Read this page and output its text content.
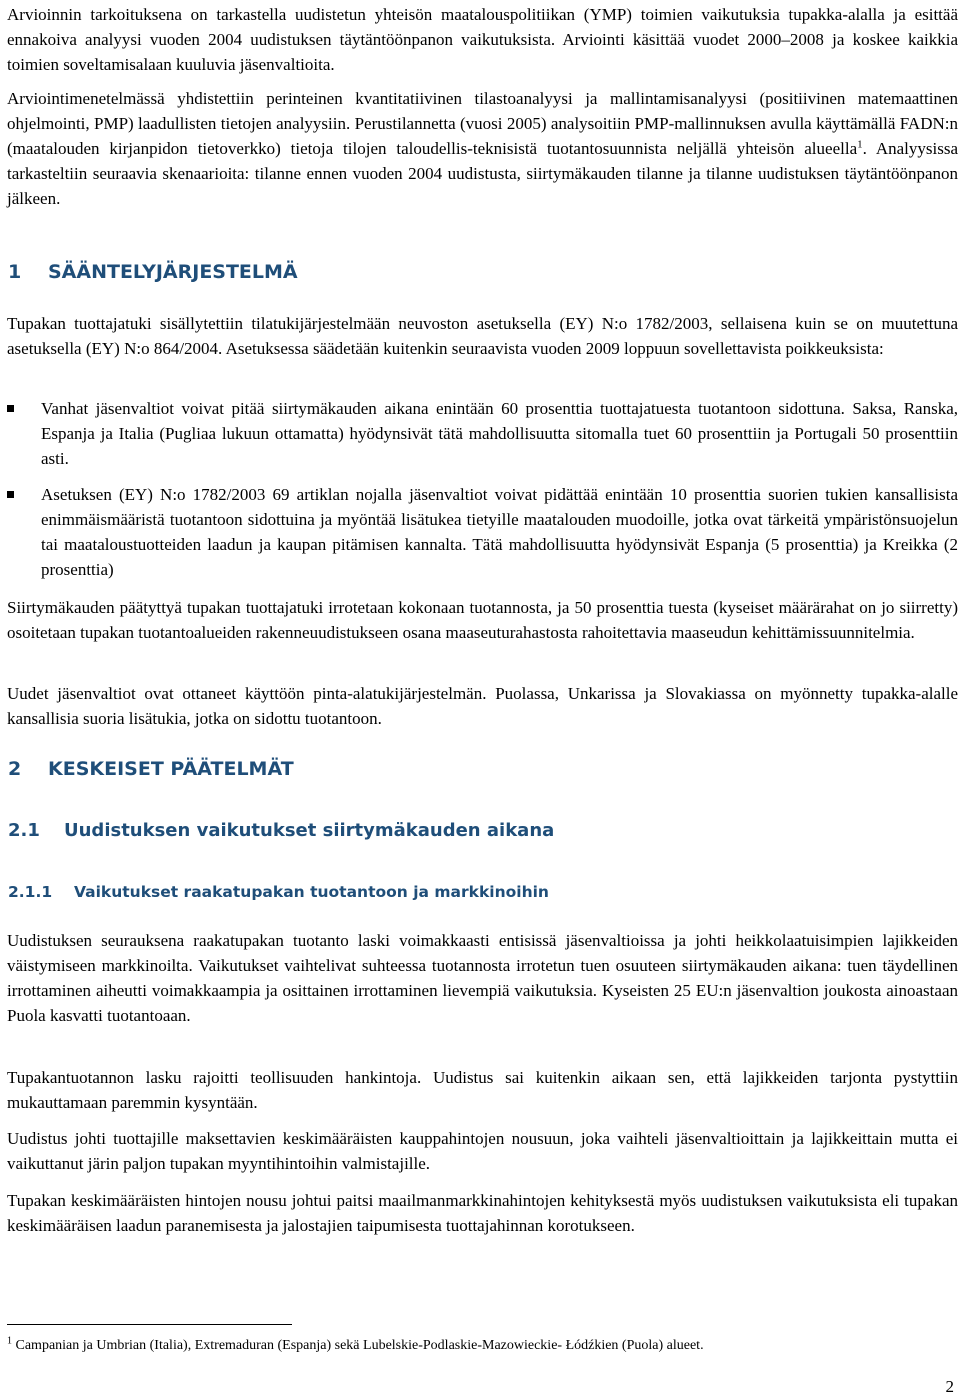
Arvioinnin tarkoituksena on tarkastella uudistetun yhteisön maatalouspolitiikan (YMP) toimien vaikutuksia tupakka-alalla ja esittää ennakoiva analyysi vuoden 2004 uudistuksen täytäntöönpanon vaikutuksista. Arviointi käsittää vuodet 2000–2008 ja koskee kaikkia toimien soveltamisalaan kuuluvia jäsenvaltioita.

Arviointimenetelmässä yhdistettiin perinteinen kvantitatiivinen tilastoanalyysi ja mallintamisanalyysi (positiivinen matemaattinen ohjelmointi, PMP) laadullisten tietojen analyysiin. Perustilannetta (vuosi 2005) analysoitiin PMP-mallinnuksen avulla käyttämällä FADN:n (maatalouden kirjanpidon tietoverkko) tietoja tilojen taloudellis-teknisistä tuotantosuunnista neljällä yhteisön alueella$^1$. Analyysissa tarkasteltiin seuraavia skenaarioita: tilanne ennen vuoden 2004 uudistusta, siirtymäkauden tilanne ja tilanne uudistuksen täytäntöönpanon jälkeen.

1 SÄÄNTELYJÄRJESTELMÄ

Tupakan tuottajatuki sisällytettiin tilatukijärjestelmään neuvoston asetuksella (EY) N:o 1782/2003, sellaisena kuin se on muutettuna asetuksella (EY) N:o 864/2004. Asetuksessa säädetään kuitenkin seuraavista vuoden 2009 loppuun sovellettavista poikkeuksista:

Vanhat jäsenvaltiot voivat pitää siirtymäkauden aikana enintään 60 prosenttia tuottajatuesta tuotantoon sidottuna. Saksa, Ranska, Espanja ja Italia (Pugliaa lukuun ottamatta) hyödynsivät tätä mahdollisuutta sitomalla tuet 60 prosenttiin ja Portugali 50 prosenttiin asti.
Asetuksen (EY) N:o 1782/2003 69 artiklan nojalla jäsenvaltiot voivat pidättää enintään 10 prosenttia suorien tukien kansallisista enimmäismääristä tuotantoon sidottuina ja myöntää lisätukea tietyille maatalouden muodoille, jotka ovat tärkeitä ympäristönsuojelun tai maataloustuotteiden laadun ja kaupan pitämisen kannalta. Tätä mahdollisuutta hyödynsivät Espanja (5 prosenttia) ja Kreikka (2 prosenttia)

Siirtymäkauden päätyttyä tupakan tuottajatuki irrotetaan kokonaan tuotannosta, ja 50 prosenttia tuesta (kyseiset määrärahat on jo siirretty) osoitetaan tupakan tuotantoalueiden rakenneuudistukseen osana maaseuturahastosta rahoitettavia maaseudun kehittämissuunnitelmia.

Uudet jäsenvaltiot ovat ottaneet käyttöön pinta-alatukijärjestelmän. Puolassa, Unkarissa ja Slovakiassa on myönnetty tupakka-alalle kansallisia suoria lisätukia, jotka on sidottu tuotantoon.

2 KESKEISET PÄÄTELMÄT
2.1 Uudistuksen vaikutukset siirtymäkauden aikana
2.1.1 Vaikutukset raakatupakan tuotantoon ja markkinoihin

Uudistuksen seurauksena raakatupakan tuotanto laski voimakkaasti entisissä jäsenvaltioissa ja johti heikkolaatuisimpien lajikkeiden väistymiseen markkinoilta. Vaikutukset vaihtelivat suhteessa tuotannosta irrotetun tuen osuuteen siirtymäkauden aikana: tuen täydellinen irrottaminen aiheutti voimakkaampia ja osittainen irrottaminen lievempiä vaikutuksia. Kyseisten 25 EU:n jäsenvaltion joukosta ainoastaan Puola kasvatti tuotantoaan.

Tupakantuotannon lasku rajoitti teollisuuden hankintoja. Uudistus sai kuitenkin aikaan sen, että lajikkeiden tarjonta pystyttiin mukauttamaan paremmin kysyntään.

Uudistus johti tuottajille maksettavien keskimääräisten kauppahintojen nousuun, joka vaihteli jäsenvaltioittain ja lajikkeittain mutta ei vaikuttanut järin paljon tupakan myyntihintoihin valmistajille.

Tupakan keskimääräisten hintojen nousu johtui paitsi maailmanmarkkinahintojen kehityksestä myös uudistuksen vaikutuksista eli tupakan keskimääräisen laadun paranemisesta ja jalostajien taipumisesta tuottajahinnan korotukseen.

$^1$ Campanian ja Umbrian (Italia), Extremaduran (Espanja) sekä Lubelskie-Podlaskie-Mazowieckie- Łódźkien (Puola) alueet.

2
